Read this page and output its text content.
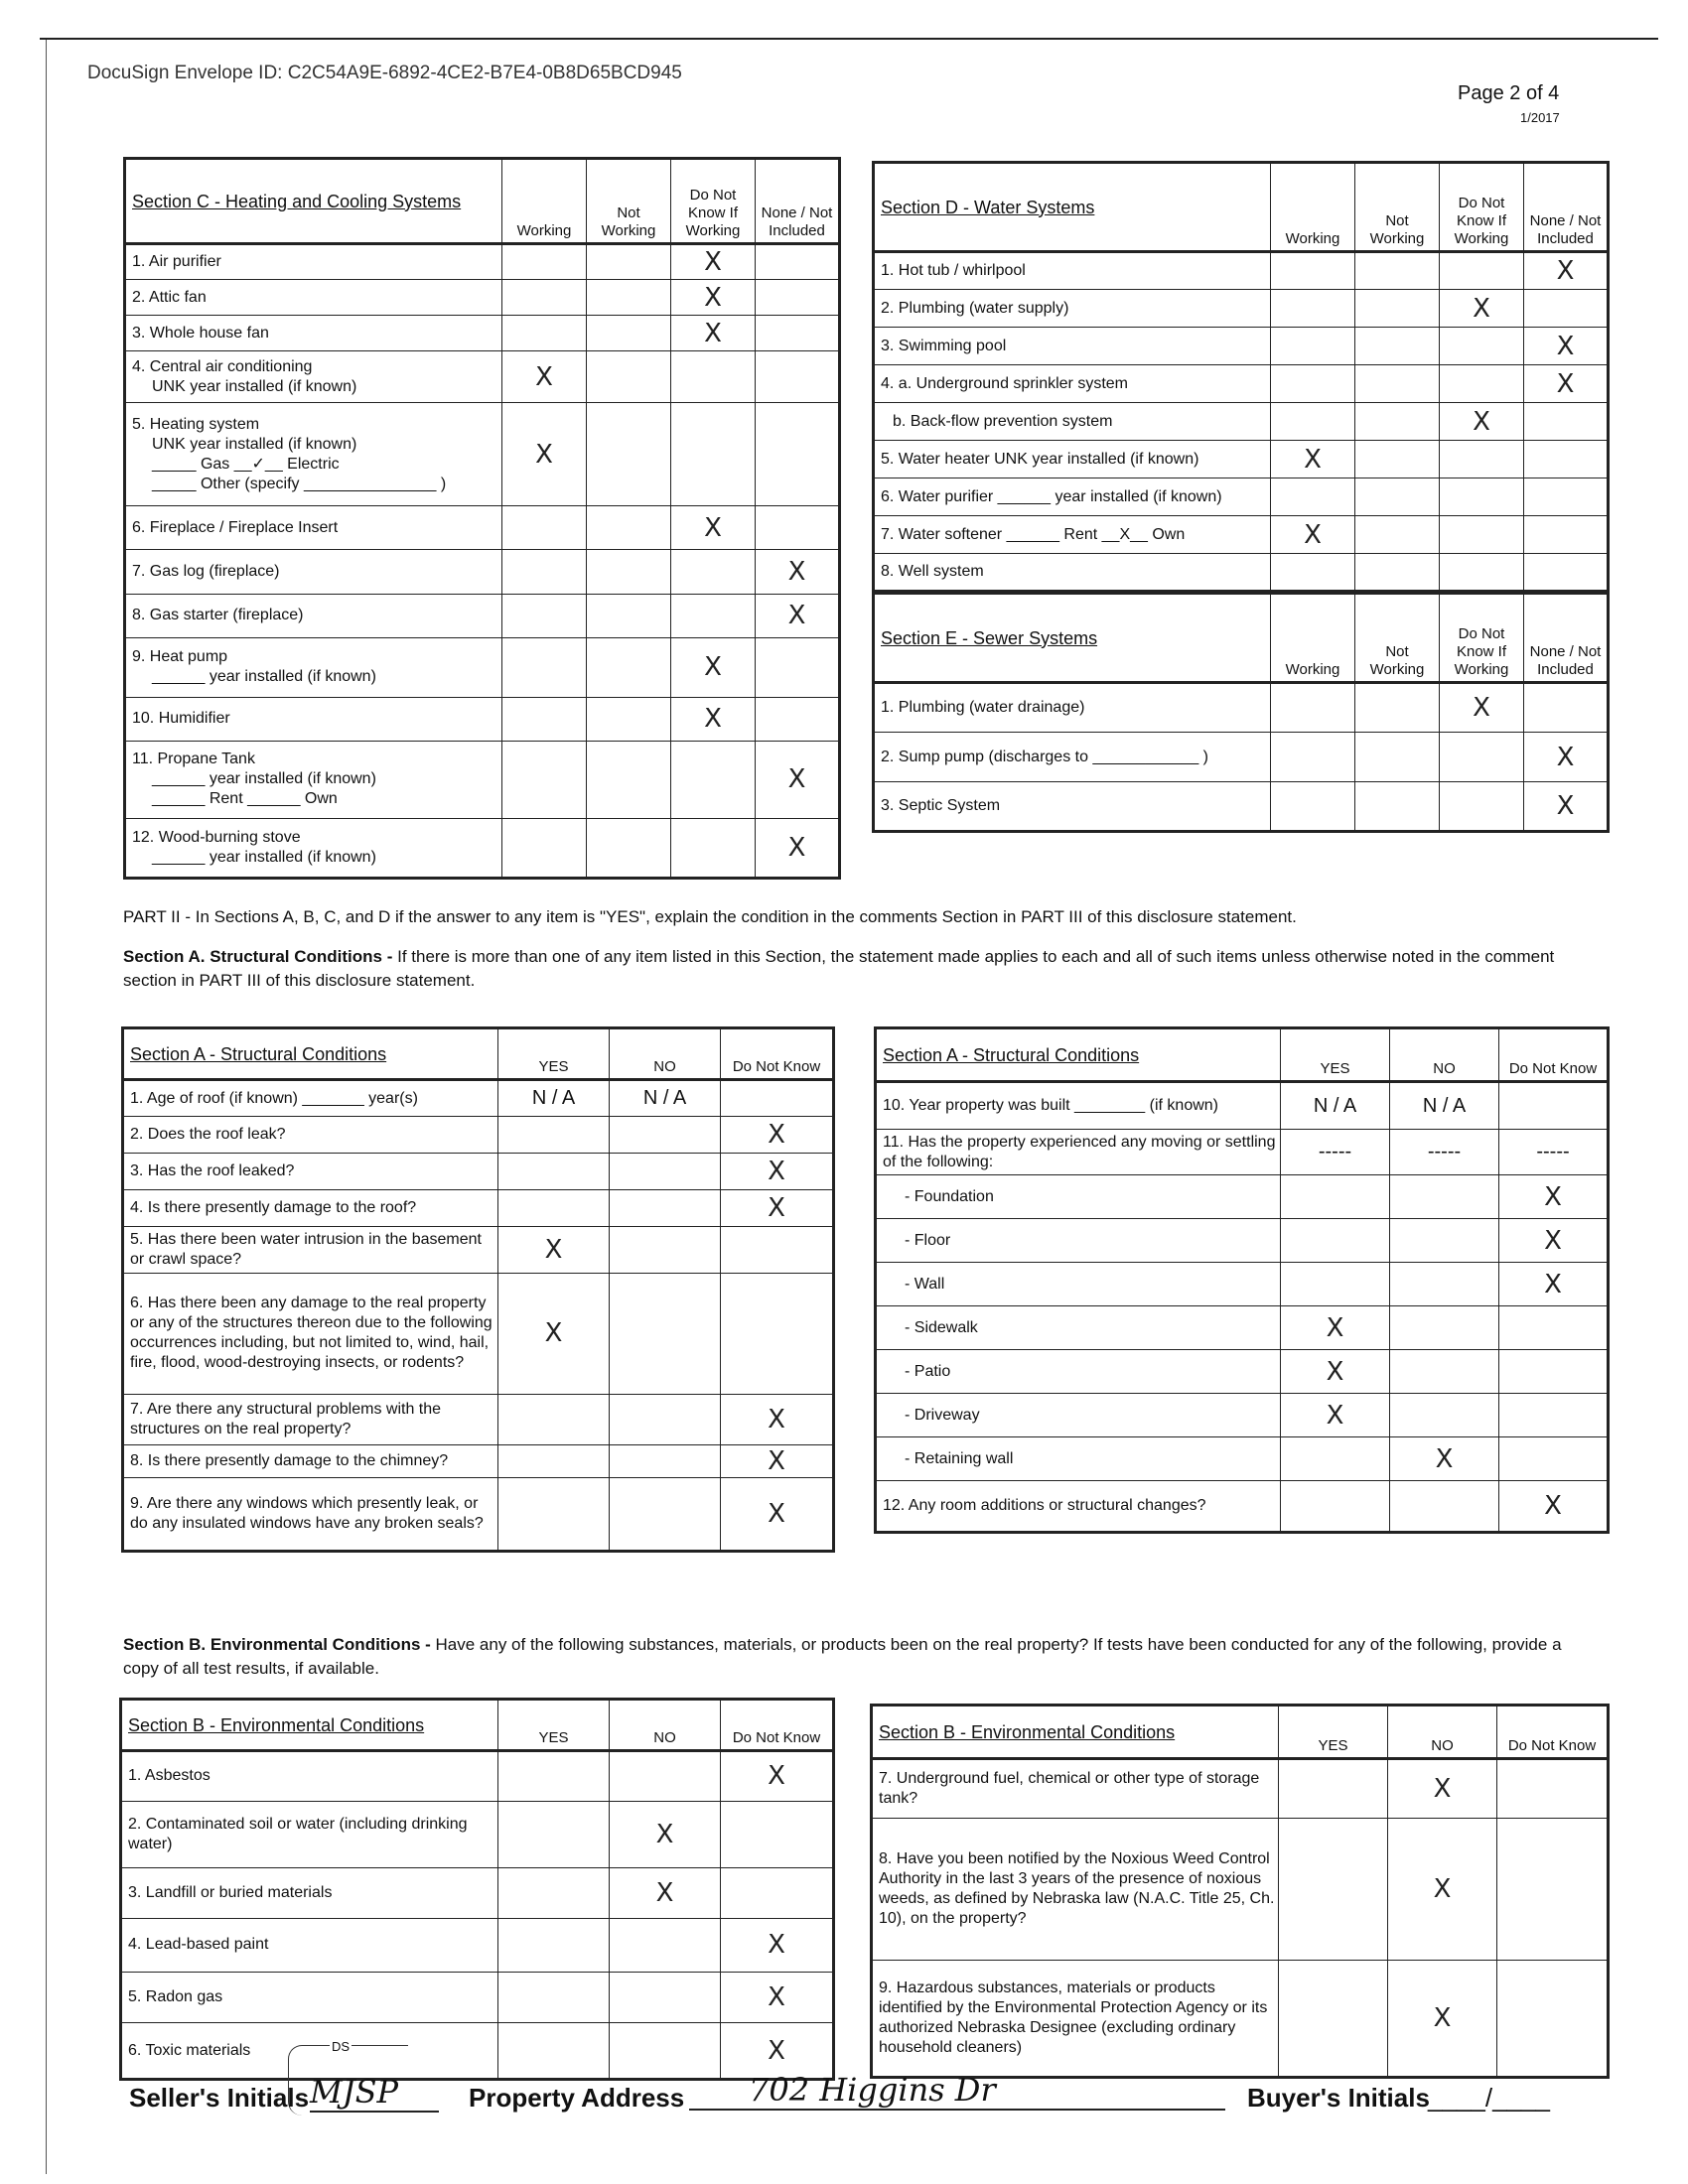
DocuSign Envelope ID: C2C54A9E-6892-4CE2-B7E4-0B8D65BCD945
Page 2 of 4
1/2017
Section C - Heating and Cooling Systems	Working	Not Working	Do Not Know If Working	None / Not Included
1. Air purifier			X	
2. Attic fan			X	
3. Whole house fan			X	
4. Central air conditioning
UNK year installed (if known)	X			
5. Heating system
UNK year installed (if known)
_____ Gas __✓__ Electric
_____ Other (specify _______________ )	X			
6. Fireplace / Fireplace Insert			X	
7. Gas log (fireplace)				X
8. Gas starter (fireplace)				X
9. Heat pump
______ year installed (if known)			X	
10. Humidifier			X	
11. Propane Tank
______ year installed (if known)
______ Rent ______ Own				X
12. Wood-burning stove
______ year installed (if known)				X
Section D - Water Systems	Working	Not Working	Do Not Know If Working	None / Not Included
1. Hot tub / whirlpool				X
2. Plumbing (water supply)			X	
3. Swimming pool				X
4. a. Underground sprinkler system				X
b. Back-flow prevention system			X	
5. Water heater UNK year installed (if known)	X			
6. Water purifier ______ year installed (if known)				
7. Water softener ______ Rent __X__ Own	X			
8. Well system				
Section E - Sewer Systems	Working	Not Working	Do Not Know If Working	None / Not Included
1. Plumbing (water drainage)			X	
2. Sump pump (discharges to ____________ )				X
3. Septic System				X
PART II - In Sections A, B, C, and D if the answer to any item is "YES", explain the condition in the comments Section in PART III of this disclosure statement.
Section A. Structural Conditions - If there is more than one of any item listed in this Section, the statement made applies to each and all of such items unless otherwise noted in the comment section in PART III of this disclosure statement.
Section A - Structural Conditions	YES	NO	Do Not Know
1. Age of roof (if known) _______ year(s)	N / A	N / A	
2. Does the roof leak?			X
3. Has the roof leaked?			X
4. Is there presently damage to the roof?			X
5. Has there been water intrusion in the basement or crawl space?	X		
6. Has there been any damage to the real property or any of the structures thereon due to the following occurrences including, but not limited to, wind, hail, fire, flood, wood-destroying insects, or rodents?	X		
7. Are there any structural problems with the structures on the real property?			X
8. Is there presently damage to the chimney?			X
9. Are there any windows which presently leak, or do any insulated windows have any broken seals?			X
Section A - Structural Conditions	YES	NO	Do Not Know
10. Year property was built ________ (if known)	N / A	N / A	
11. Has the property experienced any moving or settling of the following:	-----	-----	-----
- Foundation			X
- Floor			X
- Wall			X
- Sidewalk	X		
- Patio	X		
- Driveway	X		
- Retaining wall		X	
12. Any room additions or structural changes?			X
Section B. Environmental Conditions - Have any of the following substances, materials, or products been on the real property? If tests have been conducted for any of the following, provide a copy of all test results, if available.
Section B - Environmental Conditions	YES	NO	Do Not Know
1. Asbestos			X
2. Contaminated soil or water (including drinking water)		X	
3. Landfill or buried materials		X	
4. Lead-based paint			X
5. Radon gas			X
6. Toxic materials			X
Section B - Environmental Conditions	YES	NO	Do Not Know
7. Underground fuel, chemical or other type of storage tank?		X	
8. Have you been notified by the Noxious Weed Control Authority in the last 3 years of the presence of noxious weeds, as defined by Nebraska law (N.A.C. Title 25, Ch. 10), on the property?		X	
9. Hazardous substances, materials or products identified by the Environmental Protection Agency or its authorized Nebraska Designee (excluding ordinary household cleaners)		X	
DS
Seller's Initials MJSP	Property Address	702 Higgins Dr	Buyer's Initials
____/____
